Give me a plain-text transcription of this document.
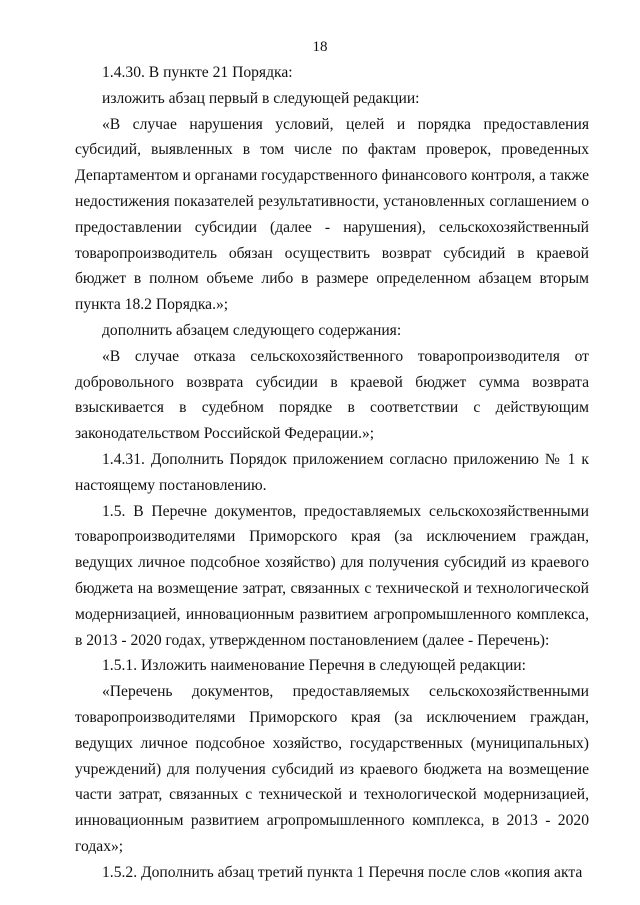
18

1.4.30. В пункте 21 Порядка:

изложить абзац первый в следующей редакции:

«В случае нарушения условий, целей и порядка предоставления субсидий, выявленных в том числе по фактам проверок, проведенных Департаментом и органами государственного финансового контроля, а также недостижения показателей результативности, установленных соглашением о предоставлении субсидии (далее - нарушения), сельскохозяйственный товаропроизводитель обязан осуществить возврат субсидий в краевой бюджет в полном объеме либо в размере определенном абзацем вторым пункта 18.2 Порядка.»;

дополнить абзацем следующего содержания:

«В случае отказа сельскохозяйственного товаропроизводителя от добровольного возврата субсидии в краевой бюджет сумма возврата взыскивается в судебном порядке в соответствии с действующим законодательством Российской Федерации.»;

1.4.31. Дополнить Порядок приложением согласно приложению № 1 к настоящему постановлению.

1.5. В Перечне документов, предоставляемых сельскохозяйственными товаропроизводителями Приморского края (за исключением граждан, ведущих личное подсобное хозяйство) для получения субсидий из краевого бюджета на возмещение затрат, связанных с технической и технологической модернизацией, инновационным развитием агропромышленного комплекса, в 2013 - 2020 годах, утвержденном постановлением (далее - Перечень):

1.5.1. Изложить наименование Перечня в следующей редакции:

«Перечень документов, предоставляемых сельскохозяйственными товаропроизводителями Приморского края (за исключением граждан, ведущих личное подсобное хозяйство, государственных (муниципальных) учреждений) для получения субсидий из краевого бюджета на возмещение части затрат, связанных с технической и технологической модернизацией, инновационным развитием агропромышленного комплекса, в 2013 - 2020 годах»;

1.5.2. Дополнить абзац третий пункта 1 Перечня после слов «копия акта
